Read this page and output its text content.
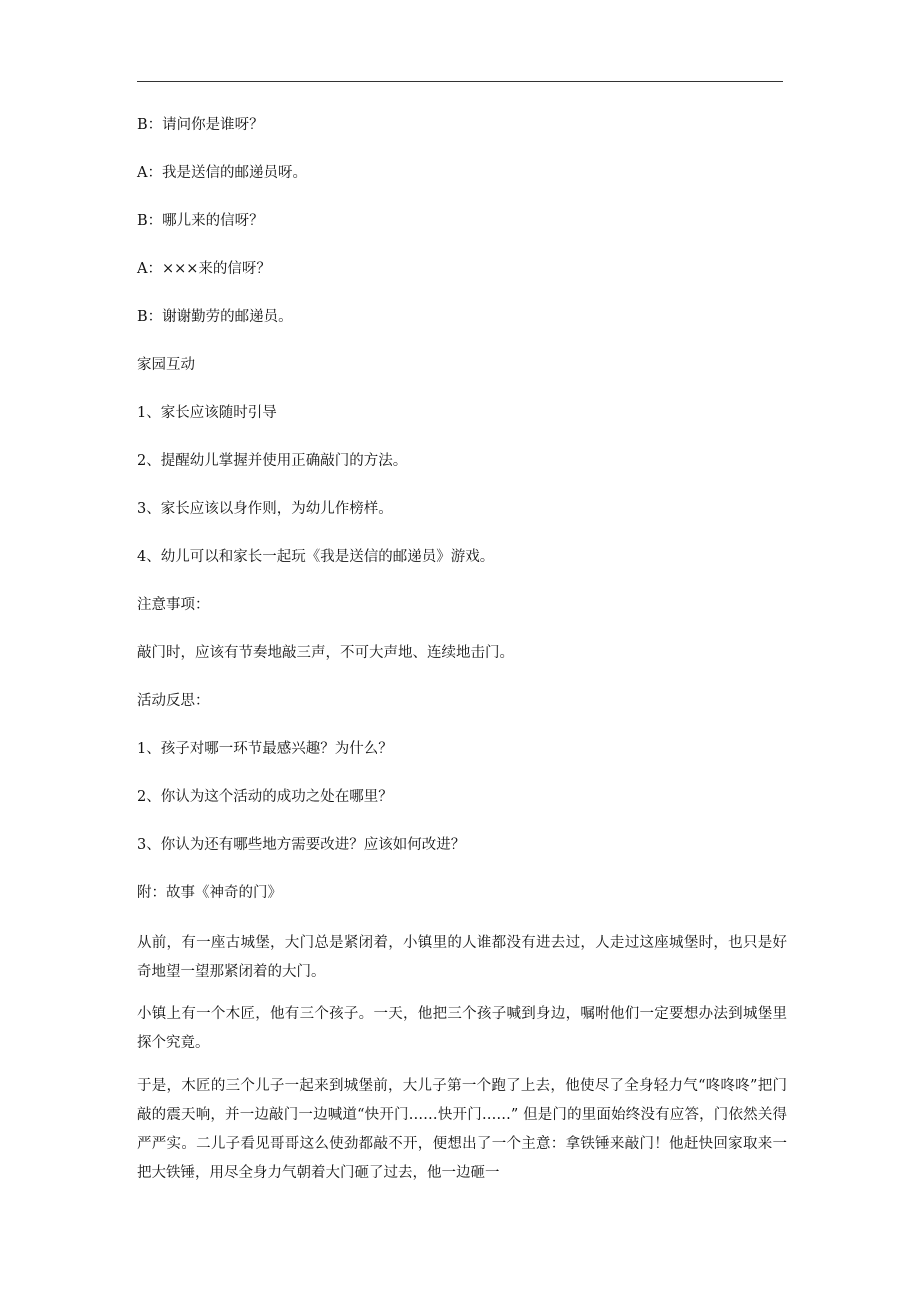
B：请问你是谁呀？
A：我是送信的邮递员呀。
B：哪儿来的信呀？
A：×××来的信呀？
B：谢谢勤劳的邮递员。
家园互动
1、家长应该随时引导
2、提醒幼儿掌握并使用正确敲门的方法。
3、家长应该以身作则，为幼儿作榜样。
4、幼儿可以和家长一起玩《我是送信的邮递员》游戏。
注意事项：
敲门时，应该有节奏地敲三声，不可大声地、连续地击门。
活动反思：
1、孩子对哪一环节最感兴趣？为什么？
2、你认为这个活动的成功之处在哪里？
3、你认为还有哪些地方需要改进？应该如何改进？
附：故事《神奇的门》
从前，有一座古城堡，大门总是紧闭着，小镇里的人谁都没有进去过，人走过这座城堡时，也只是好奇地望一望那紧闭着的大门。
小镇上有一个木匠，他有三个孩子。一天，他把三个孩子喊到身边，嘱咐他们一定要想办法到城堡里探个究竟。
于是，木匠的三个儿子一起来到城堡前，大儿子第一个跑了上去，他使尽了全身轻力气“咚咚咚”把门敲的震天响，并一边敲门一边喊道“快开门……快开门……” 但是门的里面始终没有应答，门依然关得严严实。二儿子看见哥哥这么使劲都敲不开，便想出了一个主意：拿铁锤来敲门！他赶快回家取来一把大铁锤，用尽全身力气朝着大门砸了过去，他一边砸一
